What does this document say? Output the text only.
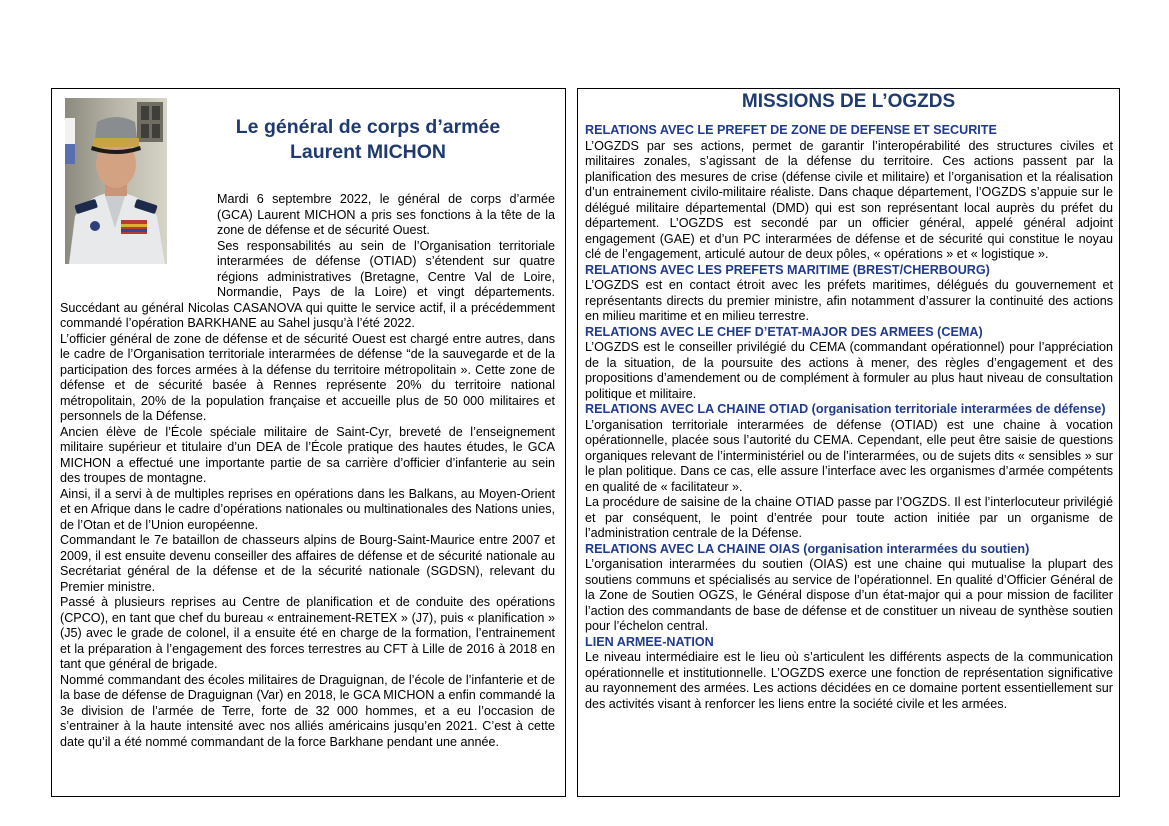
Le général de corps d’armée
Laurent MICHON

Mardi 6 septembre 2022, le général de corps d’armée (GCA) Laurent MICHON a pris ses fonctions à la tête de la zone de défense et de sécurité Ouest.

Ses responsabilités au sein de l’Organisation territoriale interarmées de défense (OTIAD) s’étendent sur quatre régions administratives (Bretagne, Centre Val de Loire, Normandie, Pays de la Loire) et vingt départements. Succédant au général Nicolas CASANOVA qui quitte le service actif, il a précédemment commandé l’opération BARKHANE au Sahel jusqu’à l’été 2022.

L’officier général de zone de défense et de sécurité Ouest est chargé entre autres, dans le cadre de l’Organisation territoriale interarmées de défense “de la sauvegarde et de la participation des forces armées à la défense du territoire métropolitain ». Cette zone de défense et de sécurité basée à Rennes représente 20% du territoire national métropolitain, 20% de la population française et accueille plus de 50 000 militaires et personnels de la Défense.

Ancien élève de l’École spéciale militaire de Saint-Cyr, breveté de l’enseignement militaire supérieur et titulaire d’un DEA de l’École pratique des hautes études, le GCA MICHON a effectué une importante partie de sa carrière d’officier d’infanterie au sein des troupes de montagne.

Ainsi, il a servi à de multiples reprises en opérations dans les Balkans, au Moyen-Orient et en Afrique dans le cadre d’opérations nationales ou multinationales des Nations unies, de l’Otan et de l’Union européenne.

Commandant le 7e bataillon de chasseurs alpins de Bourg-Saint-Maurice entre 2007 et 2009, il est ensuite devenu conseiller des affaires de défense et de sécurité nationale au Secrétariat général de la défense et de la sécurité nationale (SGDSN), relevant du Premier ministre.

Passé à plusieurs reprises au Centre de planification et de conduite des opérations (CPCO), en tant que chef du bureau « entrainement-RETEX » (J7), puis « planification » (J5) avec le grade de colonel, il a ensuite été en charge de la formation, l’entrainement et la préparation à l’engagement des forces terrestres au CFT à Lille de 2016 à 2018 en tant que général de brigade.

Nommé commandant des écoles militaires de Draguignan, de l’école de l’infanterie et de la base de défense de Draguignan (Var) en 2018, le GCA MICHON a enfin commandé la 3e division de l’armée de Terre, forte de 32 000 hommes, et a eu l’occasion de s’entrainer à la haute intensité avec nos alliés américains jusqu’en 2021. C’est à cette date qu’il a été nommé commandant de la force Barkhane pendant une année.

MISSIONS DE L’OGZDS
RELATIONS AVEC LE PREFET DE ZONE DE DEFENSE ET SECURITE

L’OGZDS par ses actions, permet de garantir l’interopérabilité des structures civiles et militaires zonales, s’agissant de la défense du territoire. Ces actions passent par la planification des mesures de crise (défense civile et militaire) et l’organisation et la réalisation d’un entrainement civilo-militaire réaliste. Dans chaque département, l’OGZDS s’appuie sur le délégué militaire départemental (DMD) qui est son représentant local auprès du préfet du département. L’OGZDS est secondé par un officier général, appelé général adjoint engagement (GAE) et d’un PC interarmées de défense et de sécurité qui constitue le noyau clé de l’engagement, articulé autour de deux pôles, « opérations » et « logistique ».

RELATIONS AVEC LES PREFETS MARITIME (BREST/CHERBOURG)

L’OGZDS est en contact étroit avec les préfets maritimes, délégués du gouvernement et représentants directs du premier ministre, afin notamment d’assurer la continuité des actions en milieu maritime et en milieu terrestre.

RELATIONS AVEC LE CHEF D’ETAT-MAJOR DES ARMEES (CEMA)

L’OGZDS est le conseiller privilégié du CEMA (commandant opérationnel) pour l’appréciation de la situation, de la poursuite des actions à mener, des règles d’engagement et des propositions d’amendement ou de complément à formuler au plus haut niveau de consultation politique et militaire.

RELATIONS AVEC LA CHAINE OTIAD (organisation territoriale interarmées de défense)

L’organisation territoriale interarmées de défense (OTIAD) est une chaine à vocation opérationnelle, placée sous l’autorité du CEMA. Cependant, elle peut être saisie de questions organiques relevant de l’interministériel ou de l’interarmées, ou de sujets dits « sensibles » sur le plan politique. Dans ce cas, elle assure l’interface avec les organismes d’armée compétents en qualité de « facilitateur ».

La procédure de saisine de la chaine OTIAD passe par l’OGZDS. Il est l’interlocuteur privilégié et par conséquent, le point d’entrée pour toute action initiée par un organisme de l’administration centrale de la Défense.

RELATIONS AVEC LA CHAINE OIAS (organisation interarmées du soutien)

L’organisation interarmées du soutien (OIAS) est une chaine qui mutualise la plupart des soutiens communs et spécialisés au service de l’opérationnel. En qualité d’Officier Général de la Zone de Soutien OGZS, le Général dispose d’un état-major qui a pour mission de faciliter l’action des commandants de base de défense et de constituer un niveau de synthèse soutien pour l’échelon central.

LIEN ARMEE-NATION

Le niveau intermédiaire est le lieu où s’articulent les différents aspects de la communication opérationnelle et institutionnelle. L’OGZDS exerce une fonction de représentation significative au rayonnement des armées. Les actions décidées en ce domaine portent essentiellement sur des activités visant à renforcer les liens entre la société civile et les armées.
